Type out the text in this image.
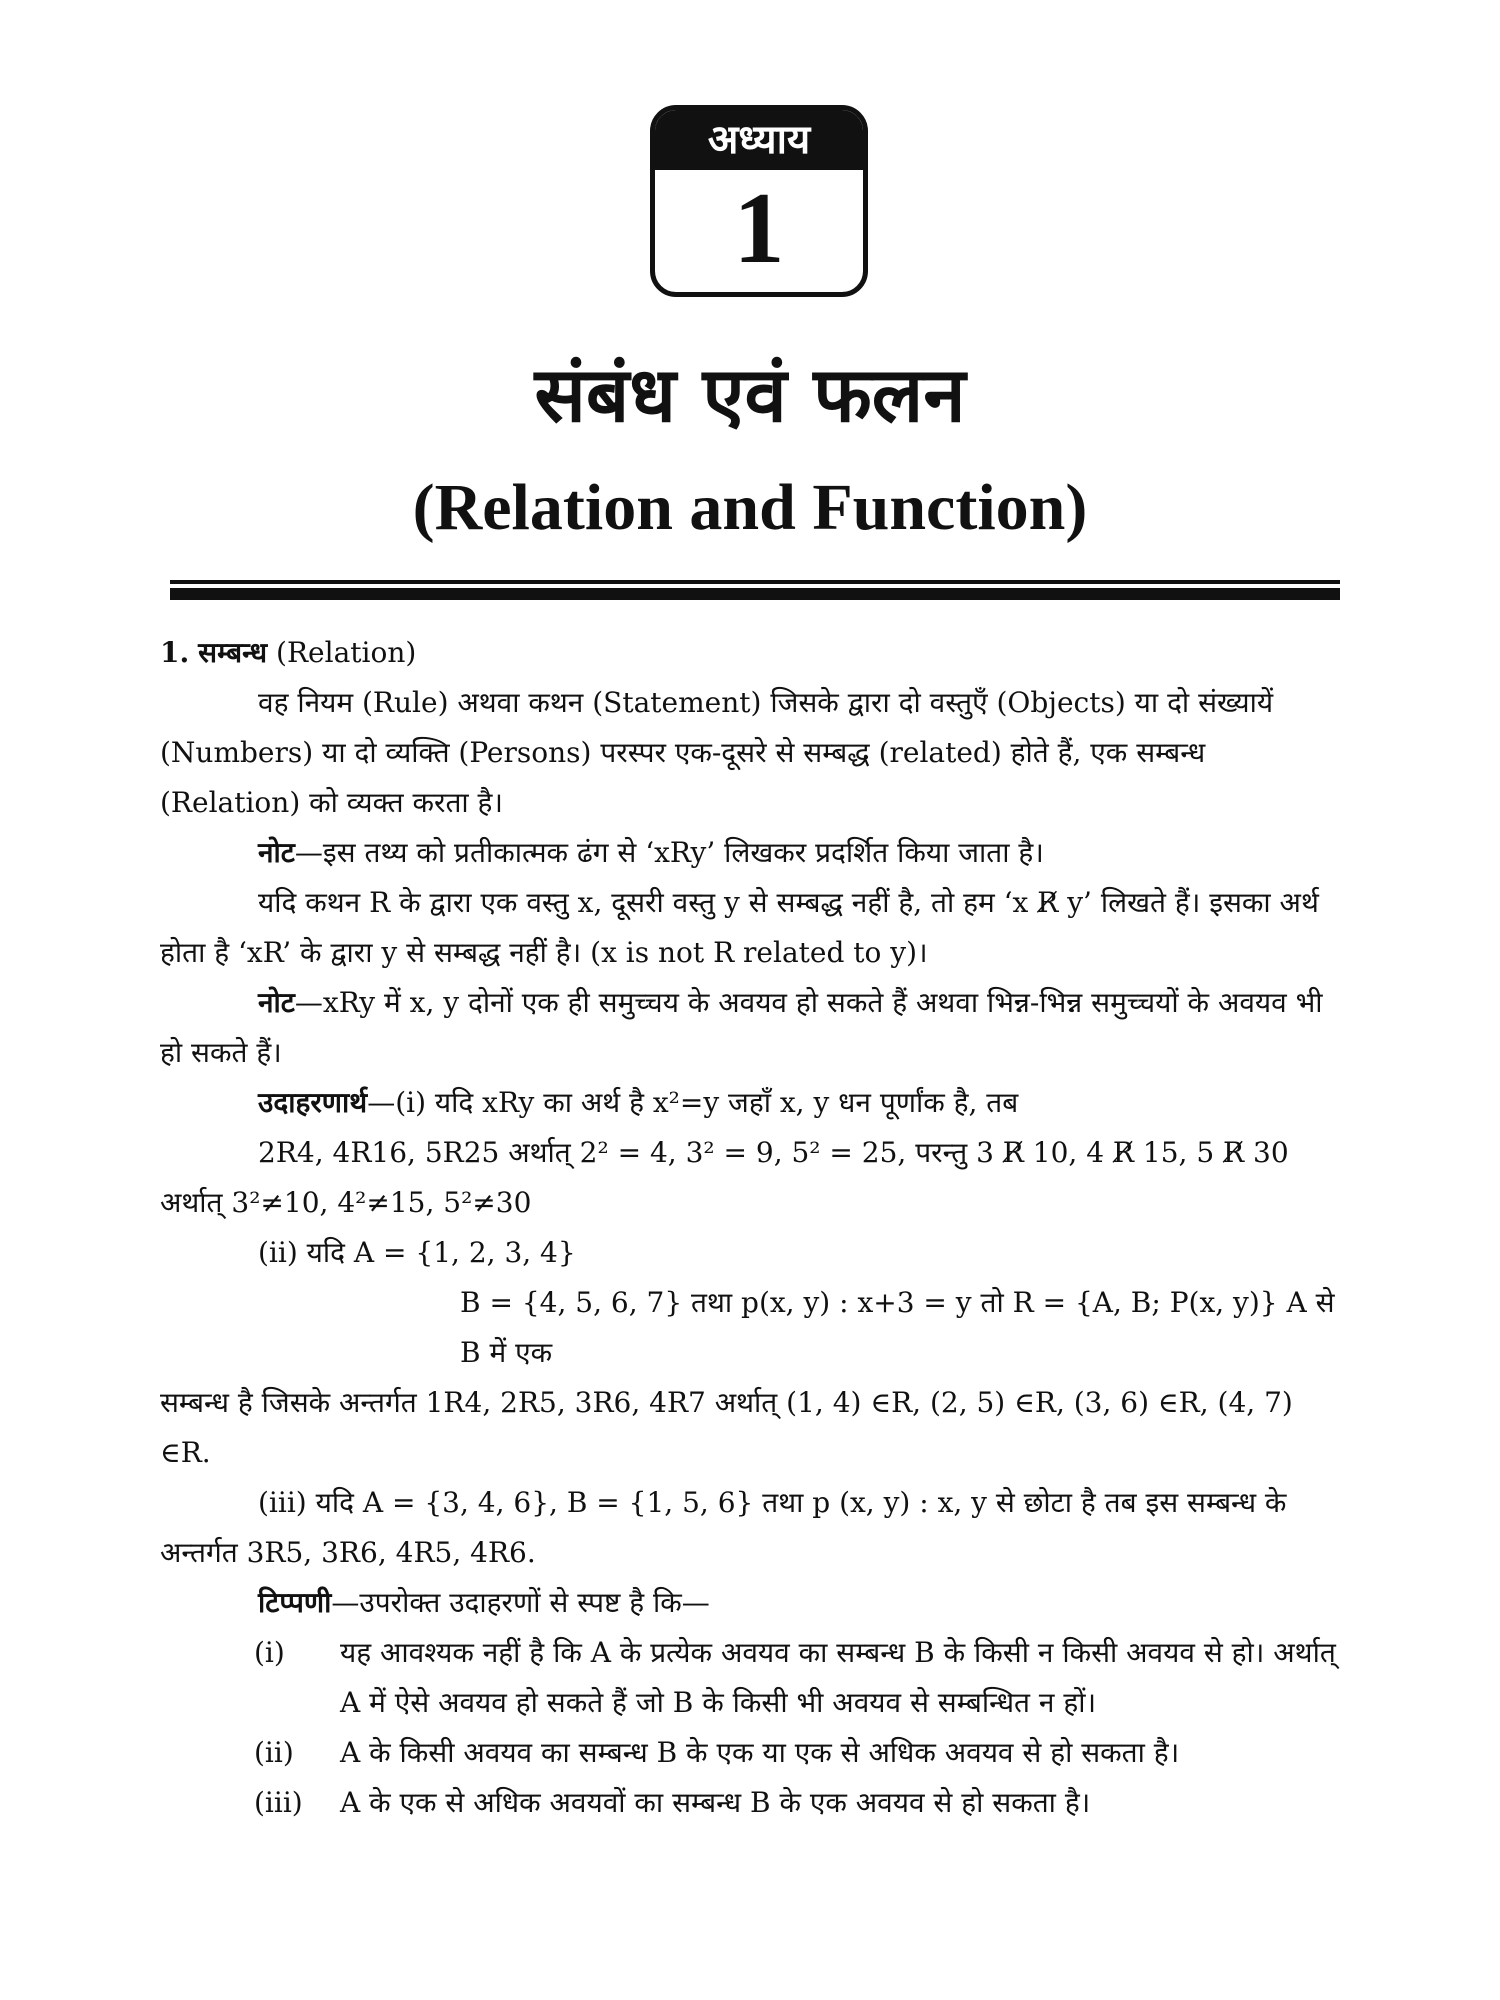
अध्याय
1
संबंध एवं फलन
(Relation and Function)

1. सम्बन्ध (Relation)

वह नियम (Rule) अथवा कथन (Statement) जिसके द्वारा दो वस्तुएँ (Objects) या दो संख्यायें (Numbers) या दो व्यक्ति (Persons) परस्पर एक-दूसरे से सम्बद्ध (related) होते हैं, एक सम्बन्ध (Relation) को व्यक्त करता है।

नोट—इस तथ्य को प्रतीकात्मक ढंग से ‘xRy’ लिखकर प्रदर्शित किया जाता है।

यदि कथन R के द्वारा एक वस्तु x, दूसरी वस्तु y से सम्बद्ध नहीं है, तो हम ‘x R̸ y’ लिखते हैं। इसका अर्थ होता है ‘xR’ के द्वारा y से सम्बद्ध नहीं है। (x is not R related to y)।

नोट—xRy में x, y दोनों एक ही समुच्चय के अवयव हो सकते हैं अथवा भिन्न-भिन्न समुच्चयों के अवयव भी हो सकते हैं।

उदाहरणार्थ—(i) यदि xRy का अर्थ है x²=y जहाँ x, y धन पूर्णांक है, तब

2R4, 4R16, 5R25 अर्थात् 2² = 4, 3² = 9, 5² = 25, परन्तु 3 R̸ 10, 4 R̸ 15, 5 R̸ 30

अर्थात् 3²≠10, 4²≠15, 5²≠30

(ii) यदि A = {1, 2, 3, 4}

B = {4, 5, 6, 7} तथा p(x, y) : x+3 = y तो R = {A, B; P(x, y)} A से B में एक

सम्बन्ध है जिसके अन्तर्गत 1R4, 2R5, 3R6, 4R7 अर्थात् (1, 4) ∈R, (2, 5) ∈R, (3, 6) ∈R, (4, 7) ∈R.

(iii) यदि A = {3, 4, 6}, B = {1, 5, 6} तथा p (x, y) : x, y से छोटा है तब इस सम्बन्ध के अन्तर्गत 3R5, 3R6, 4R5, 4R6.

टिप्पणी—उपरोक्त उदाहरणों से स्पष्ट है कि—

(i)	यह आवश्यक नहीं है कि A के प्रत्येक अवयव का सम्बन्ध B के किसी न किसी अवयव से हो। अर्थात् A में ऐसे अवयव हो सकते हैं जो B के किसी भी अवयव से सम्बन्धित न हों।
(ii)	A के किसी अवयव का सम्बन्ध B के एक या एक से अधिक अवयव से हो सकता है।
(iii)	A के एक से अधिक अवयवों का सम्बन्ध B के एक अवयव से हो सकता है।
